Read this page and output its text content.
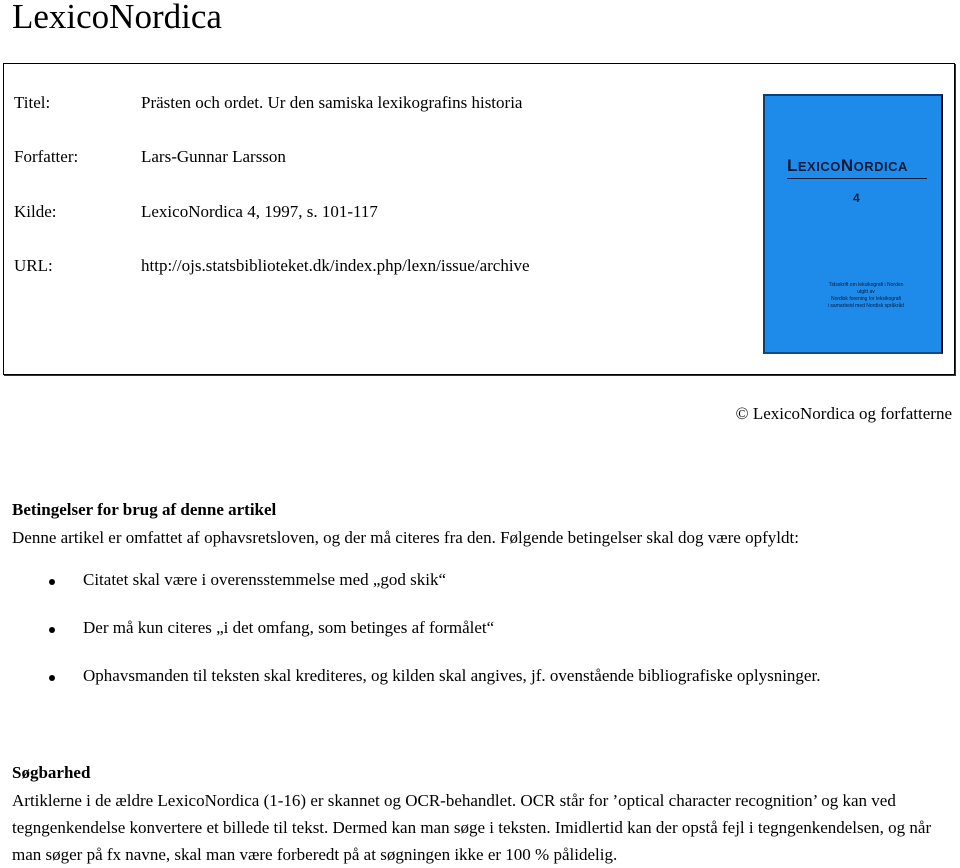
LexicoNordica
Titel:	Prästen och ordet. Ur den samiska lexikografins historia
Forfatter:	Lars-Gunnar Larsson
Kilde:	LexicoNordica 4, 1997, s. 101-117
URL:	http://ojs.statsbiblioteket.dk/index.php/lexn/issue/archive
LEXICONORDICA
4
Tidsskrift om leksikografi i Norden
utgitt av
Nordisk forening for leksikografi
i samarbeid med Nordisk språkråd
© LexicoNordica og forfatterne
Betingelser for brug af denne artikel

Denne artikel er omfattet af ophavsretsloven, og der må citeres fra den. Følgende betingelser skal dog være opfyldt:

Citatet skal være i overensstemmelse med „god skik“
Der må kun citeres „i det omfang, som betinges af formålet“
Ophavsmanden til teksten skal krediteres, og kilden skal angives, jf. ovenstående bibliografiske oplysninger.
Søgbarhed

Artiklerne i de ældre LexicoNordica (1-16) er skannet og OCR-behandlet. OCR står for ’optical character recognition’ og kan ved tegngenkendelse konvertere et billede til tekst. Dermed kan man søge i teksten. Imidlertid kan der opstå fejl i tegngenkendelsen, og når man søger på fx navne, skal man være forberedt på at søgningen ikke er 100 % pålidelig.
